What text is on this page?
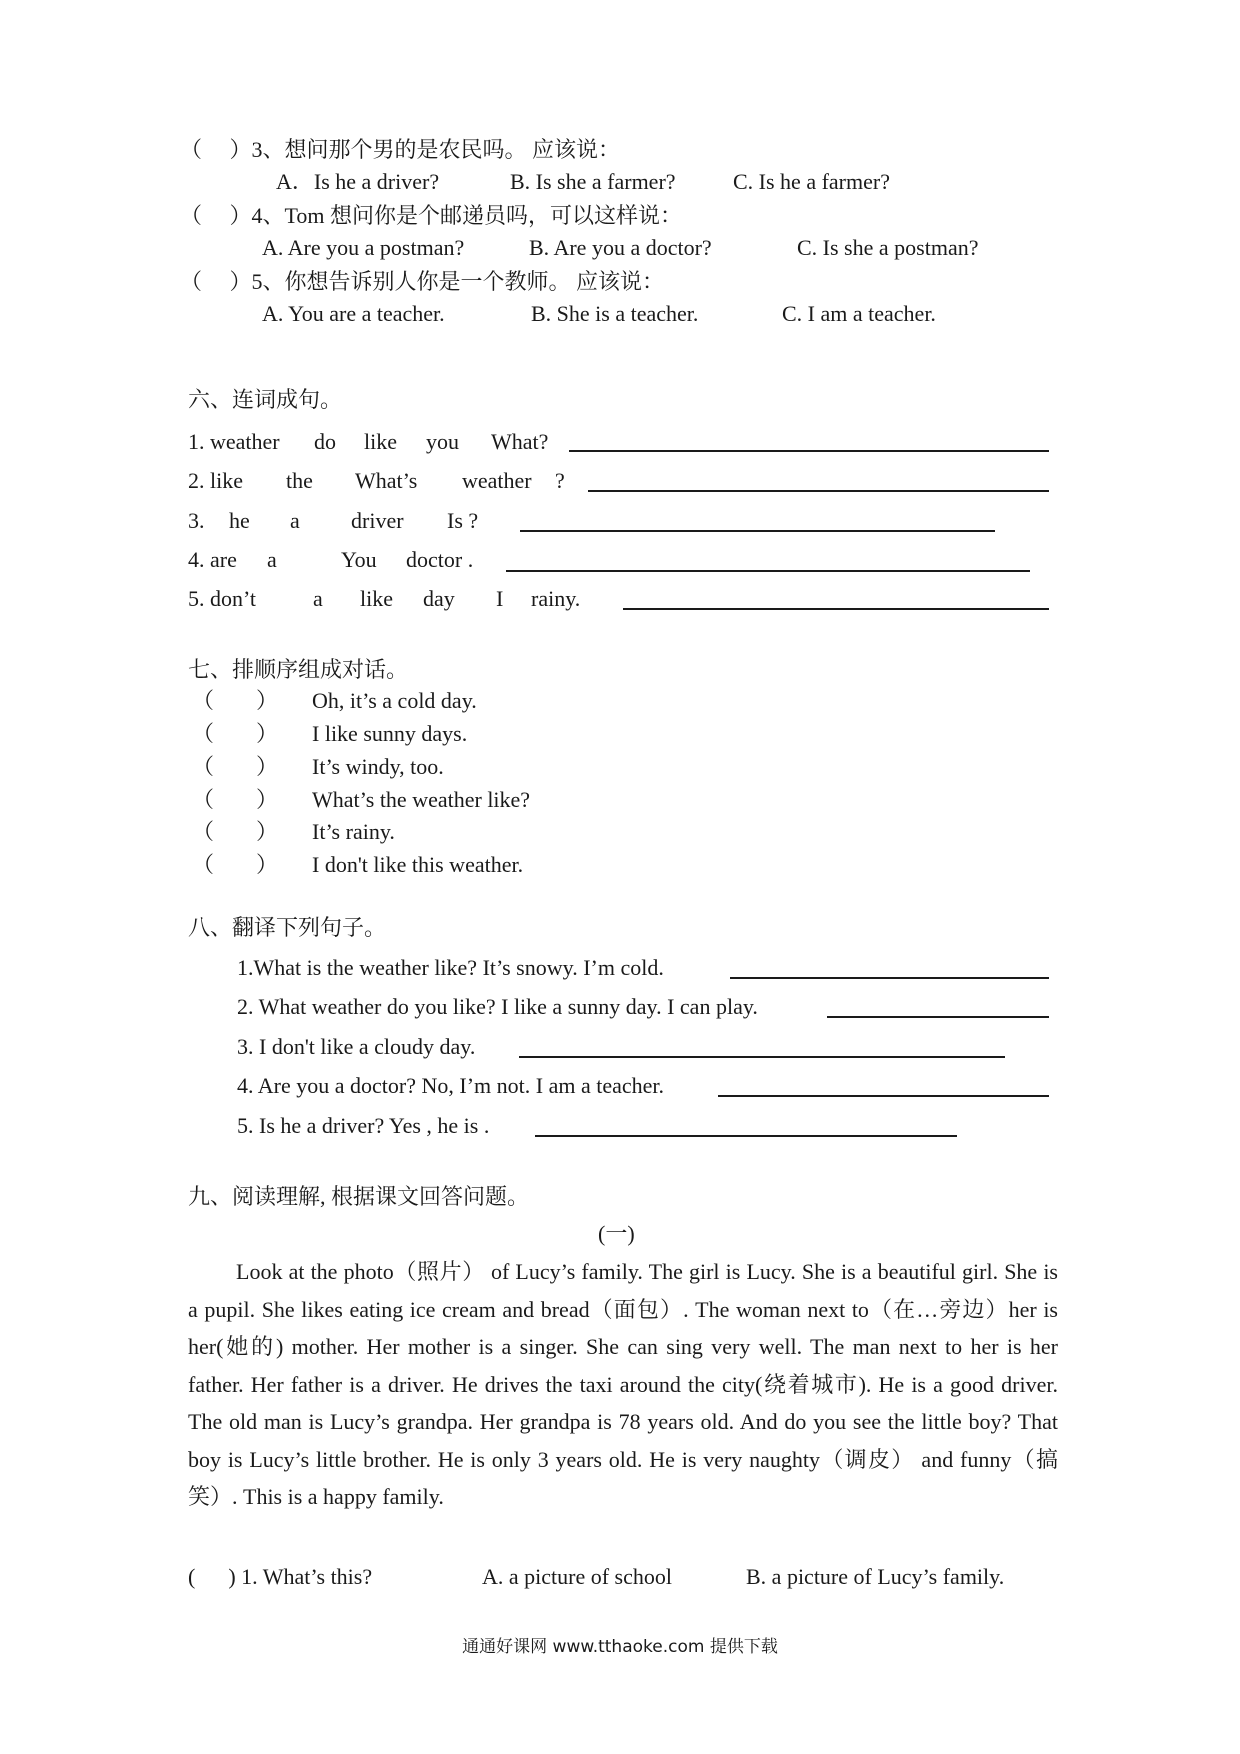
（     ）3、想问那个男的是农民吗。 应该说：
A．Is he a driver?	B. Is she a farmer?	C. Is he a farmer?
（     ）4、Tom 想问你是个邮递员吗，可以这样说：
A. Are you a postman?	B. Are you a doctor?	C. Is she a postman?
（     ）5、你想告诉别人你是一个教师。 应该说：
A. You are a teacher.	B. She is a teacher.	C. I am a teacher.
六、连词成句。
1. weather do like you What?
2. like the What’s weather ?
3. he a driver Is ?
4. are a	You doctor .
5. don’t	a like day I rainy.
七、排顺序组成对话。
（ ） Oh, it’s a cold day.
（ ） I like sunny days.
（ ） It’s windy, too.
（ ） What’s the weather like?
（ ） It’s rainy.
（ ） I don't like this weather.
八、翻译下列句子。
1.What is the weather like? It’s snowy. I’m cold.
2. What weather do you like? I like a sunny day. I can play.
3. I don't like a cloudy day.
4. Are you a doctor? No, I’m not. I am a teacher.
5. Is he a driver? Yes , he is .
九、阅读理解, 根据课文回答问题。
(一)
Look at the photo（照片） of Lucy’s family. The girl is Lucy. She is a beautiful girl. She is a pupil. She likes eating ice cream and bread（面包）. The woman next to（在…旁边）her is her(她的) mother. Her mother is a singer. She can sing very well. The man next to her is her father. Her father is a driver. He drives the taxi around the city(绕着城市). He is a good driver. The old man is Lucy’s grandpa. Her grandpa is 78 years old. And do you see the little boy? That boy is Lucy’s little brother. He is only 3 years old. He is very naughty（调皮） and funny（搞笑）. This is a happy family.
(      ) 1. What’s this?	A. a picture of school	B. a picture of Lucy’s family.
通通好课网 www.tthaoke.com 提供下载
